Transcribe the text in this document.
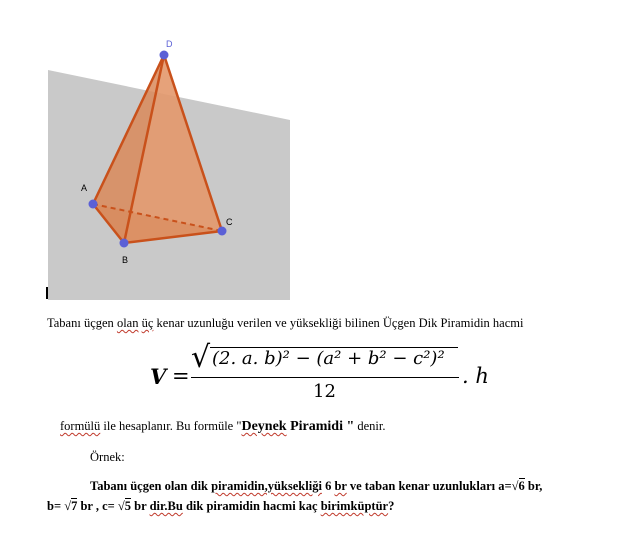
D
A
B
C
Tabanı üçgen olan üç kenar uzunluğu verilen ve yüksekliği bilinen Üçgen Dik Piramidin hacmi
V =
√ (2. a. b)² − (a² + b² − c²)²
12
. h
formülü ile hesaplanır. Bu formüle "Deynek Piramidi " denir.
Örnek:
Tabanı üçgen olan dik piramidin,yüksekliği 6 br ve taban kenar uzunlukları a=√6 br,
b= √7 br , c= √5 br dir.Bu dik piramidin hacmi kaç birimküptür?
